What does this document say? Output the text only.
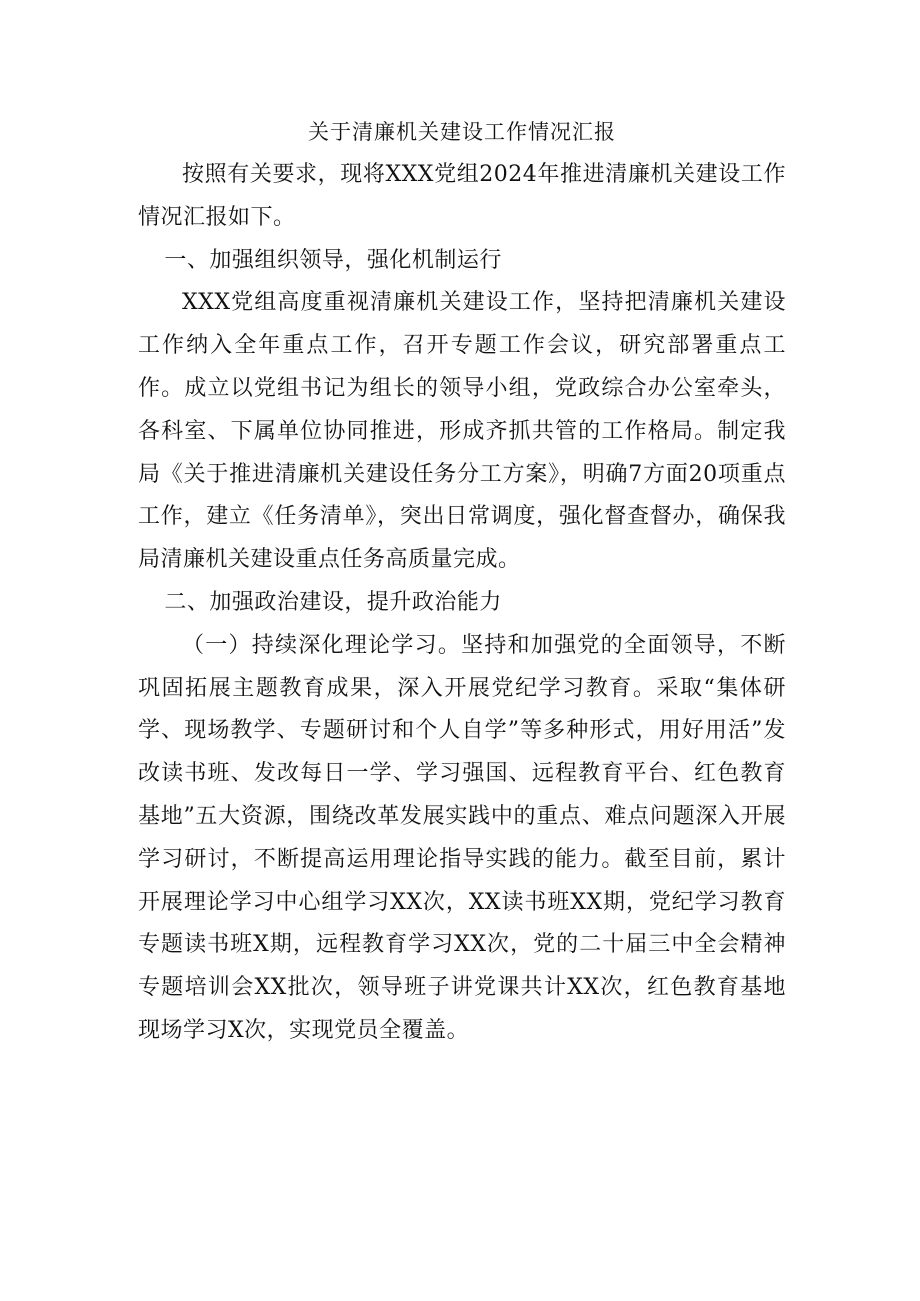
关于清廉机关建设工作情况汇报

按照有关要求，现将XXX党组2024年推进清廉机关建设工作情况汇报如下。

一、加强组织领导，强化机制运行

XXX党组高度重视清廉机关建设工作，坚持把清廉机关建设工作纳入全年重点工作，召开专题工作会议，研究部署重点工作。成立以党组书记为组长的领导小组，党政综合办公室牵头，各科室、下属单位协同推进，形成齐抓共管的工作格局。制定我局《关于推进清廉机关建设任务分工方案》，明确7方面20项重点工作，建立《任务清单》，突出日常调度，强化督查督办，确保我局清廉机关建设重点任务高质量完成。

二、加强政治建设，提升政治能力

（一）持续深化理论学习。坚持和加强党的全面领导，不断巩固拓展主题教育成果，深入开展党纪学习教育。采取“集体研学、现场教学、专题研讨和个人自学”等多种形式，用好用活”发改读书班、发改每日一学、学习强国、远程教育平台、红色教育基地”五大资源，围绕改革发展实践中的重点、难点问题深入开展学习研讨，不断提高运用理论指导实践的能力。截至目前，累计开展理论学习中心组学习XX次，XX读书班XX期，党纪学习教育专题读书班X期，远程教育学习XX次，党的二十届三中全会精神专题培训会XX批次，领导班子讲党课共计XX次，红色教育基地现场学习X次，实现党员全覆盖。
